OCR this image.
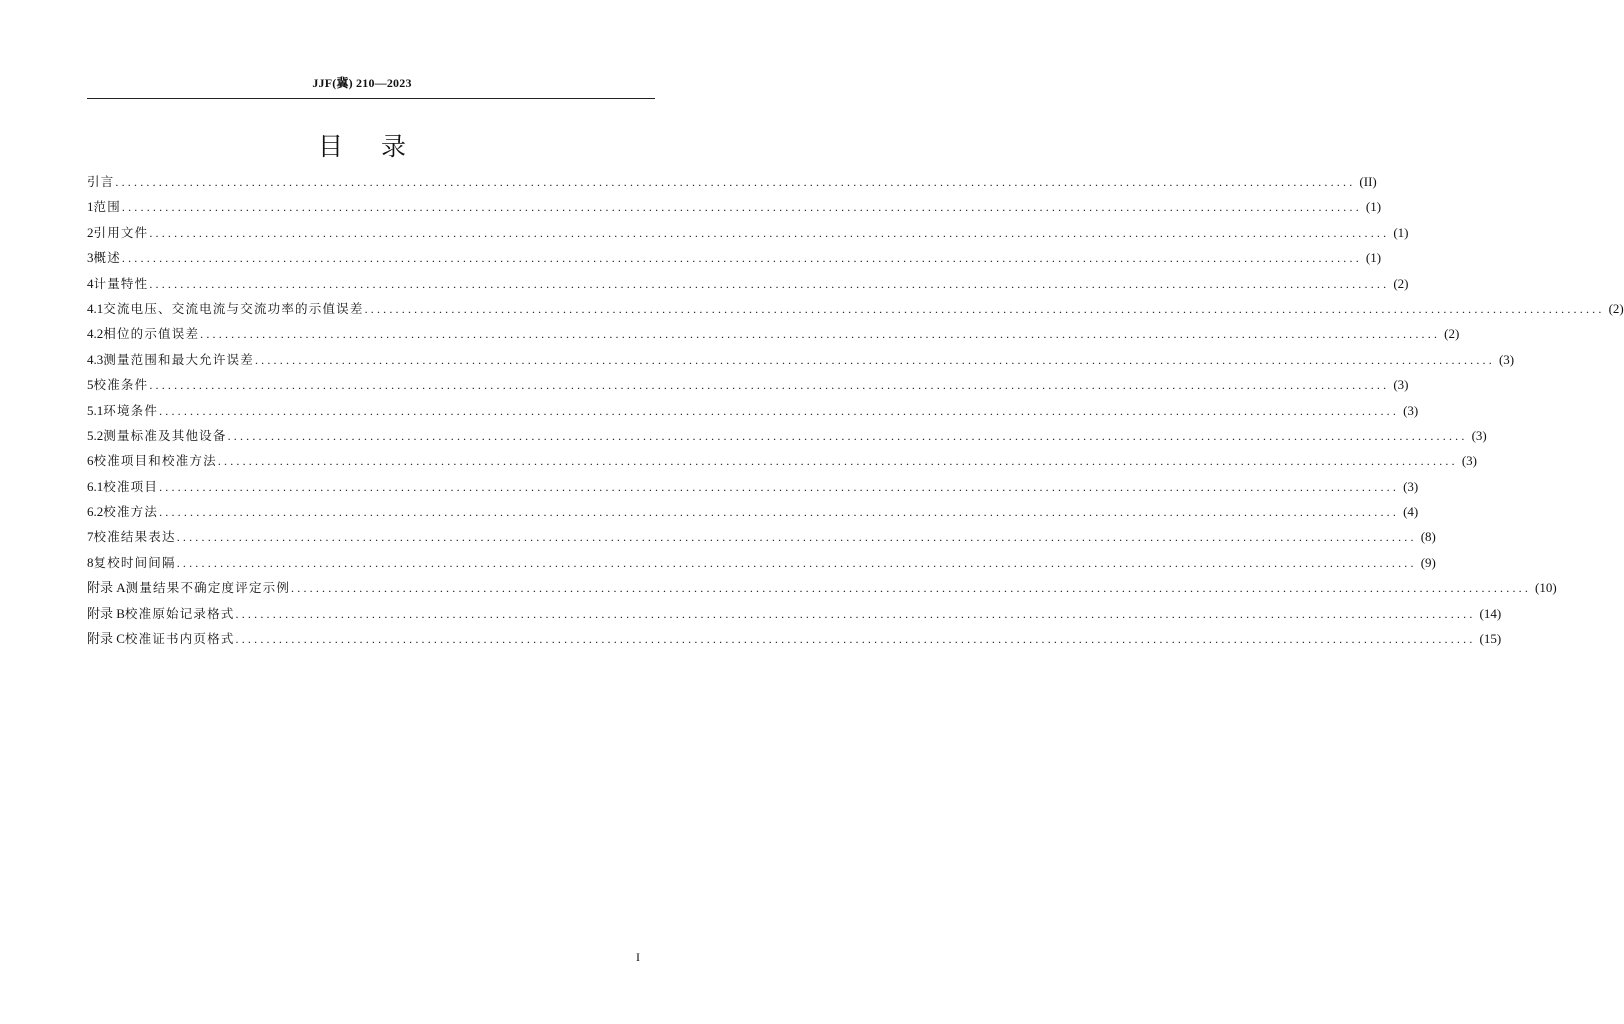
JJF(冀) 210—2023
目 录
引言 ........................................................................................................................................................................................................ (II)
1 范围 ........................................................................................................................................................................................................ (1)
2 引用文件 ........................................................................................................................................................................................................ (1)
3 概述 ........................................................................................................................................................................................................ (1)
4 计量特性 ........................................................................................................................................................................................................ (2)
4.1 交流电压、交流电流与交流功率的示值误差 ........................................................................................................................................................................................................ (2)
4.2 相位的示值误差 ........................................................................................................................................................................................................ (2)
4.3 测量范围和最大允许误差 ........................................................................................................................................................................................................ (3)
5 校准条件 ........................................................................................................................................................................................................ (3)
5.1 环境条件 ........................................................................................................................................................................................................ (3)
5.2 测量标准及其他设备 ........................................................................................................................................................................................................ (3)
6 校准项目和校准方法 ........................................................................................................................................................................................................ (3)
6.1 校准项目 ........................................................................................................................................................................................................ (3)
6.2 校准方法 ........................................................................................................................................................................................................ (4)
7 校准结果表达 ........................................................................................................................................................................................................ (8)
8 复校时间间隔 ........................................................................................................................................................................................................ (9)
附录 A 测量结果不确定度评定示例 ........................................................................................................................................................................................................ (10)
附录 B 校准原始记录格式 ........................................................................................................................................................................................................ (14)
附录 C 校准证书内页格式 ........................................................................................................................................................................................................ (15)
I
